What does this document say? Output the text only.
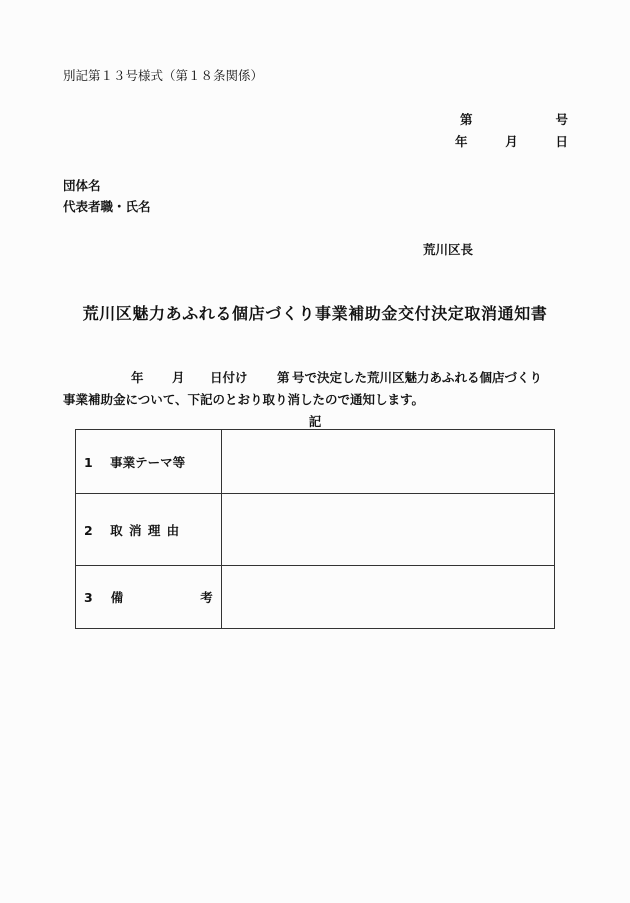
別記第１３号様式（第１８条関係）
第	号
年	月	日
団体名
代表者職・氏名
荒川区長
荒川区魅力あふれる個店づくり事業補助金交付決定取消通知書
年 月 日付け 第 号で決定した荒川区魅力あふれる個店づくり
事業補助金について、下記のとおり取り消したので通知します。
記
1 事業テーマ等	
2 取 消 理 由	

3 備 考	
